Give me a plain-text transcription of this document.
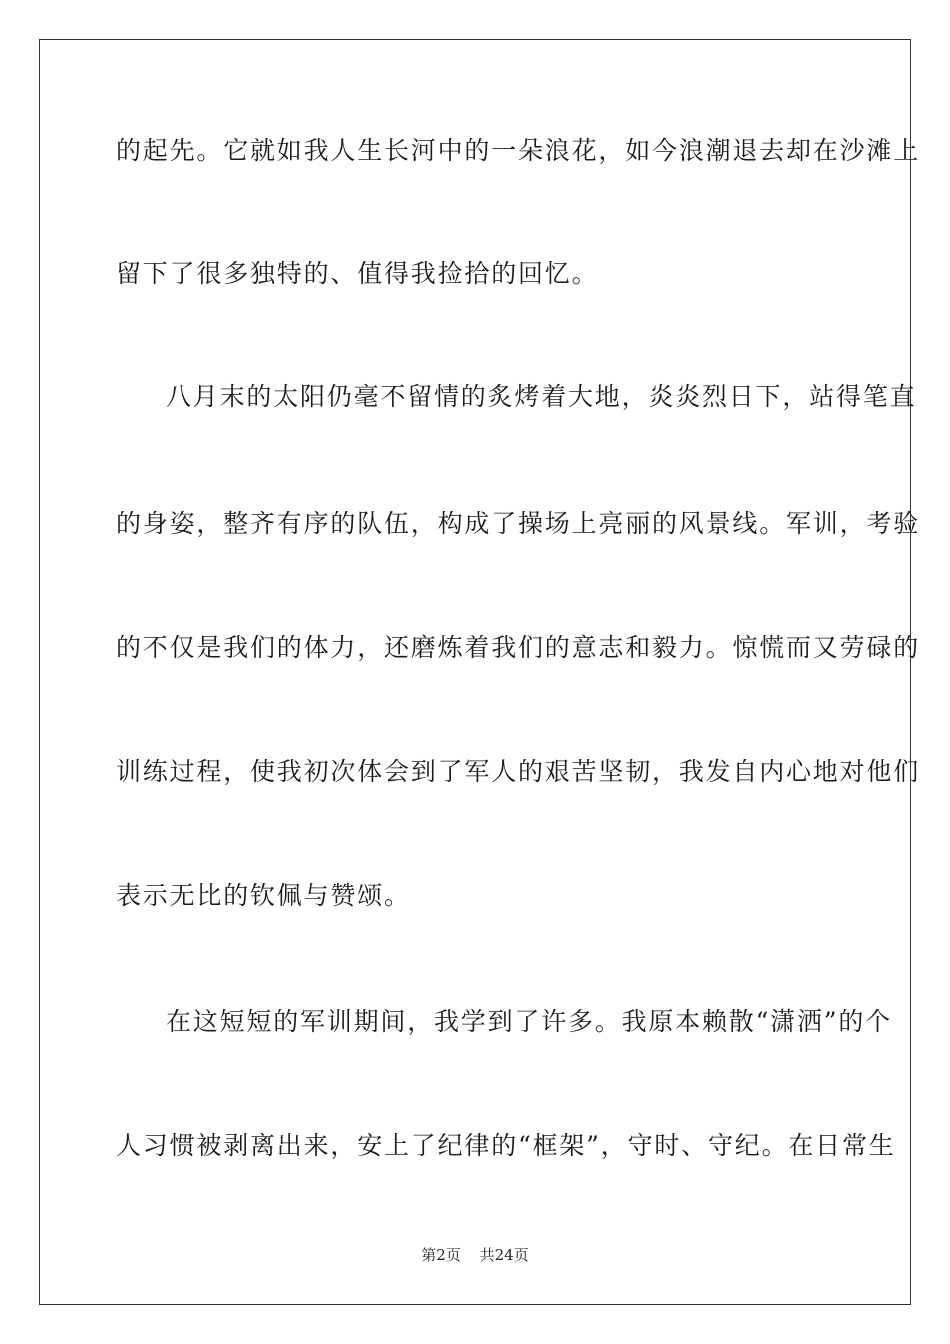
的起先。它就如我人生长河中的一朵浪花，如今浪潮退去却在沙滩上
留下了很多独特的、值得我捡拾的回忆。
八月末的太阳仍毫不留情的炙烤着大地，炎炎烈日下，站得笔直
的身姿，整齐有序的队伍，构成了操场上亮丽的风景线。军训，考验
的不仅是我们的体力，还磨炼着我们的意志和毅力。惊慌而又劳碌的
训练过程，使我初次体会到了军人的艰苦坚韧，我发自内心地对他们
表示无比的钦佩与赞颂。
在这短短的军训期间，我学到了许多。我原本赖散“潇洒”的个
人习惯被剥离出来，安上了纪律的“框架”，守时、守纪。在日常生
第2页 共24页
